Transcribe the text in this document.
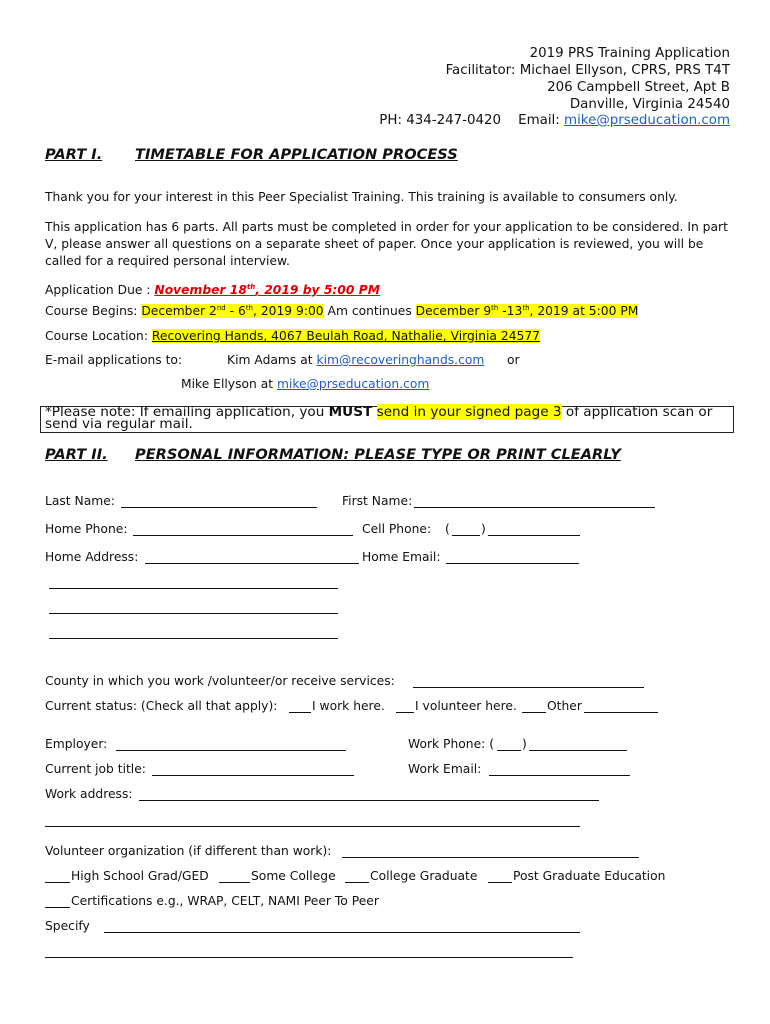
2019 PRS Training Application
Facilitator: Michael Ellyson, CPRS, PRS T4T
206 Campbell Street, Apt B
Danville, Virginia 24540
PH: 434-247-0420 Email: mike@prseducation.com
PART I. TIMETABLE FOR APPLICATION PROCESS
Thank you for your interest in this Peer Specialist Training. This training is available to consumers only.

This application has 6 parts. All parts must be completed in order for your application to be considered. In part V, please answer all questions on a separate sheet of paper. Once your application is reviewed, you will be called for a required personal interview.

Application Due : November 18th, 2019 by 5:00 PM
Course Begins: December 2nd - 6th, 2019 9:00 Am continues December 9th -13th, 2019 at 5:00 PM
Course Location: Recovering Hands, 4067 Beulah Road, Nathalie, Virginia 24577
E-mail applications to:	Kim Adams at kim@recoveringhands.com or
Mike Ellyson at mike@prseducation.com
*Please note: If emailing application, you MUST send in your signed page 3 of application scan or
send via regular mail.
PART II. PERSONAL INFORMATION: PLEASE TYPE OR PRINT CLEARLY
Last Name:	First Name:
Home Phone:	Cell Phone: (	)
Home Address:	Home Email:
County in which you work /volunteer/or receive services:
Current status: (Check all that apply):	I work here. I volunteer here. Other
Employer:	Work Phone: ( )
Current job title:	Work Email:
Work address:
Volunteer organization (if different than work):
High School Grad/GED	Some College	College Graduate	Post Graduate Education
Certifications e.g., WRAP, CELT, NAMI Peer To Peer
Specify
